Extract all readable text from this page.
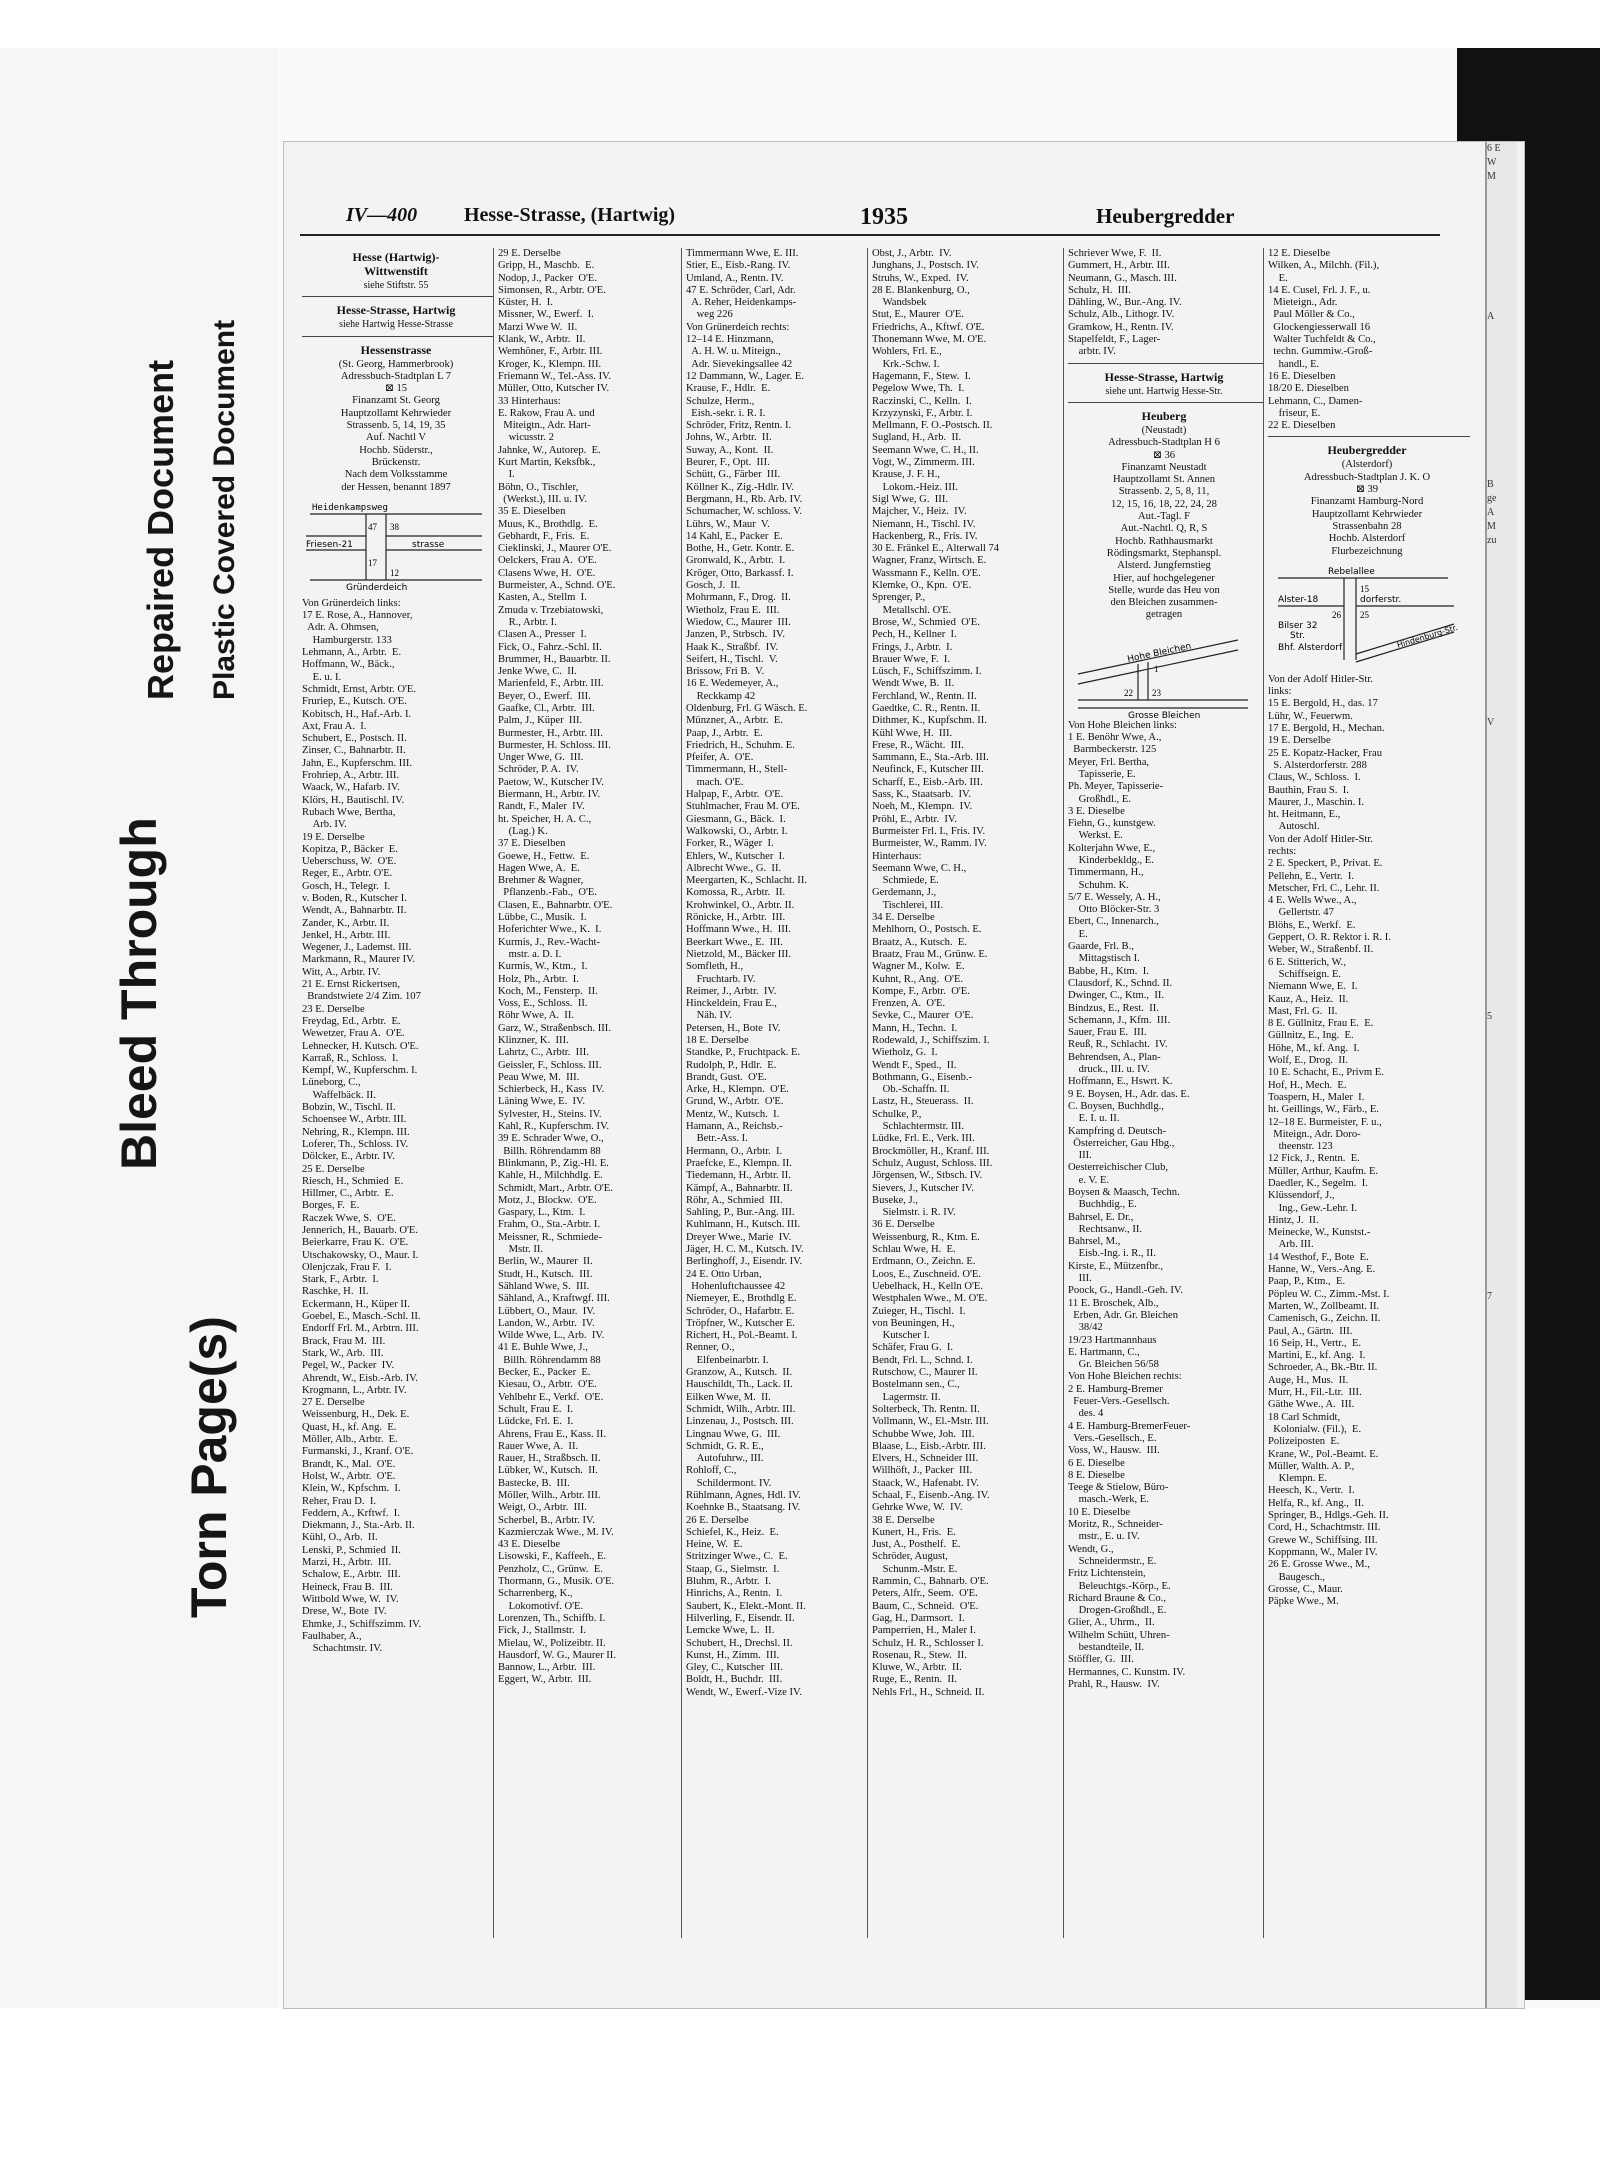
Bleed Through
Repaired Document
Torn Page(s)
Plastic Covered Document
6 E
W
M

A

B
ge
A
M
zu

V

5

7
IV—400 Hesse-Strasse, (Hartwig)	1935	Heubergredder

Hesse (Hartwig)-
Wittwenstift

siehe Stiftstr. 55

Hesse-Strasse, Hartwig

siehe Hartwig Hesse-Strasse

Hessenstrasse

(St. Georg, Hammerbrook)
Adressbuch-Stadtplan L 7
⊠ 15
Finanzamt St. Georg
Hauptzollamt Kehrwieder
Strassenb. 5, 14, 19, 35
Auf. Nachtl V
Hochb. Süderstr.,
Brückenstr.
Nach dem Volksstamme
der Hessen, benannt 1897

Heidenkampsweg
Friesen-21	strasse
Gründerdeich
47 38
17
12

Von Grünerdeich links:
17 E. Rose, A., Hannover,
Adr. A. Ohmsen,
Hamburgerstr. 133
Lehmann, A., Arbtr.  E.
Hoffmann, W., Bäck.,
E. u. I.
Schmidt, Ernst, Arbtr. O'E.
Fruriep, E., Kutsch. O'E.
Kobitsch, H., Haf.-Arb. I.
Axt, Frau A.  I.
Schubert, E., Postsch. II.
Zinser, C., Bahnarbtr. II.
Jahn, E., Kupferschm. III.
Frohriep, A., Arbtr. III.
Waack, W., Hafarb. IV.
Klörs, H., Bautischl. IV.
Rubach Wwe, Bertha,
Arb. IV.
19 E. Derselbe
Kopitza, P., Bäcker  E.
Ueberschuss, W.  O'E.
Reger, E., Arbtr. O'E.
Gosch, H., Telegr.  I.
v. Boden, R., Kutscher I.
Wendt, A., Bahnarbtr. II.
Zander, K., Arbtr. II.
Jenkel, H., Arbtr. III.
Wegener, J., Lademst. III.
Markmann, R., Maurer IV.
Witt, A., Arbtr. IV.
21 E. Ernst Rickertsen,
Brandstwiete 2/4 Zim. 107
23 E. Derselbe
Freydag, Ed., Arbtr.  E.
Wewetzer, Frau A.  O'E.
Lehnecker, H. Kutsch. O'E.
Karraß, R., Schloss.  I.
Kempf, W., Kupferschm. I.
Lüneborg, C.,
Waffelbäck. II.
Bobzin, W., Tischl. II.
Schoensee W., Arbtr. III.
Nehring, R., Klempn. III.
Loferer, Th., Schloss. IV.
Dölcker, E., Arbtr. IV.
25 E. Derselbe
Riesch, H., Schmied  E.
Hillmer, C., Arbtr.  E.
Borges, F.  E.
Raczek Wwe, S.  O'E.
Jennerich, H., Bauarb. O'E.
Beierkarre, Frau K.  O'E.
Utschakowsky, O., Maur. I.
Olenjczak, Frau F.  I.
Stark, F., Arbtr.  I.
Raschke, H.  II.
Eckermann, H., Küper II.
Goebel, E., Masch.-Schl. II.
Endorff Frl. M., Arbtrn. III.
Brack, Frau M.  III.
Stark, W., Arb.  III.
Pegel, W., Packer  IV.
Ahrendt, W., Eisb.-Arb. IV.
Krogmann, L., Arbtr. IV.
27 E. Derselbe
Weissenburg, H., Dek. E.
Quast, H., kf. Ang.  E.
Möller, Alb., Arbtr.  E.
Furmanski, J., Kranf. O'E.
Brandt, K., Mal.  O'E.
Holst, W., Arbtr.  O'E.
Klein, W., Kpfschm.  I.
Reher, Frau D.  I.
Feddern, A., Krftwf.  I.
Diekmann, J., Sta.-Arb. II.
Kühl, O., Arb.  II.
Lenski, P., Schmied  II.
Marzi, H., Arbtr.  III.
Schalow, E., Arbtr.  III.
Heineck, Frau B.  III.
Wittbold Wwe, W.  IV.
Drese, W., Bote  IV.
Ehmke, J., Schiffszimm. IV.
Faulhaber, A.,
Schachtmstr. IV.

29 E. Derselbe
Gripp, H., Maschb.  E.
Nodop, J., Packer  O'E.
Simonsen, R., Arbtr. O'E.
Küster, H.  I.
Missner, W., Ewerf.  I.
Marzi Wwe W.  II.
Klank, W., Arbtr.  II.
Wemhöner, F., Arbtr. III.
Kroger, K., Klempn. III.
Friemann W., Tel.-Ass. IV.
Müller, Otto, Kutscher IV.
33 Hinterhaus:
E. Rakow, Frau A. und
Miteigtn., Adr. Hart-
wicusstr. 2
Jahnke, W., Autorep.  E.
Kurt Martin, Keksfbk.,
I.
Böhn, O., Tischler,
(Werkst.), III. u. IV.
35 E. Dieselben
Muus, K., Brothdlg.  E.
Gebhardt, F., Fris.  E.
Cieklinski, J., Maurer O'E.
Oelckers, Frau A.  O'E.
Clasens Wwe, H.  O'E.
Burmeister, A., Schnd. O'E.
Kasten, A., Stellm  I.
Zmuda v. Trzebiatowski,
R., Arbtr. I.
Clasen A., Presser  I.
Fick, O., Fahrz.-Schl. II.
Brummer, H., Bauarbtr. II.
Jenke Wwe, C.  II.
Marienfeld, F., Arbtr. III.
Beyer, O., Ewerf.  III.
Gaafke, Cl., Arbtr.  III.
Palm, J., Küper  III.
Burmester, H., Arbtr. III.
Burmester, H. Schloss. III.
Unger Wwe, G.  III.
Schröder, P. A.  IV.
Paetow, W., Kutscher IV.
Biermann, H., Arbtr. IV.
Randt, F., Maler  IV.
ht. Speicher, H. A. C.,
(Lag.) K.
37 E. Dieselben
Goewe, H., Fettw.  E.
Hagen Wwe, A.  E.
Brehmer & Wagner,
Pflanzenb.-Fab.,  O'E.
Clasen, E., Bahnarbtr. O'E.
Lübbe, C., Musik.  I.
Hoferichter Wwe., K.  I.
Kurmis, J., Rev.-Wacht-
mstr. a. D. I.
Kurmis, W., Ktm.,  I.
Holz, Ph., Arbtr.  I.
Koch, M., Fensterp.  II.
Voss, E., Schloss.  II.
Röhr Wwe, A.  II.
Garz, W., Straßenbsch. III.
Klinzner, K.  III.
Lahrtz, C., Arbtr.  III.
Geissler, F., Schloss. III.
Peau Wwe, M.  III.
Schierbeck, H., Kass  IV.
Läning Wwe, E.  IV.
Sylvester, H., Steins. IV.
Kahl, R., Kupferschm. IV.
39 E. Schrader Wwe, O.,
Billh. Röhrendamm 88
Blinkmann, P., Zig.-Hl. E.
Kahle, H., Milchhdlg. E.
Schmidt, Mart., Arbtr. O'E.
Motz, J., Blockw.  O'E.
Gaspary, L., Ktm.  I.
Frahm, O., Sta.-Arbtr. I.
Meissner, R., Schmiede-
Mstr. II.
Berlin, W., Maurer  II.
Studt, H., Kutsch.  III.
Sähland Wwe, S.  III.
Sähland, A., Kraftwgf. III.
Lübbert, O., Maur.  IV.
Landon, W., Arbtr.  IV.
Wilde Wwe, L., Arb.  IV.
41 E. Buhle Wwe, J.,
Billh. Röhrendamm 88
Becker, E., Packer  E.
Kiesau, O., Arbtr.  O'E.
Vehlbehr E., Verkf.  O'E.
Schult, Frau E.  I.
Lüdcke, Frl. E.  I.
Ahrens, Frau E., Kass. II.
Rauer Wwe, A.  II.
Rauer, H., Straßbsch. II.
Lübker, W., Kutsch.  II.
Bastecke, B.  III.
Möller, Wilh., Arbtr. III.
Weigt, O., Arbtr.  III.
Scherbel, B., Arbtr. IV.
Kazmierczak Wwe., M. IV.
43 E. Dieselbe
Lisowski, F., Kaffeeh., E.
Penzholz, C., Grünw.  E.
Thormann, G., Musik. O'E.
Scharrenberg, K.,
Lokomotivf. O'E.
Lorenzen, Th., Schiffb. I.
Fick, J., Stallmstr.  I.
Mielau, W., Polizeibtr. II.
Hausdorf, W. G., Maurer II.
Bannow, L., Arbtr.  III.
Eggert, W., Arbtr.  III.

Timmermann Wwe, E. III.
Stier, E., Eisb.-Rang. IV.
Umland, A., Rentn. IV.
47 E. Schröder, Carl, Adr.
A. Reher, Heidenkamps-
weg 226
Von Grünerdeich rechts:
12–14 E. Hinzmann,
A. H. W. u. Miteign.,
Adr. Sievekingsallee 42
12 Dammann, W., Lager. E.
Krause, F., Hdlr.  E.
Schulze, Herm.,
Eish.-sekr. i. R. I.
Schröder, Fritz, Rentn. I.
Johns, W., Arbtr.  II.
Suway, A., Kont.  II.
Beurer, F., Opt.  III.
Schütt, G., Färber  III.
Köllner K., Zig.-Hdlr. IV.
Bergmann, H., Rb. Arb. IV.
Schumacher, W. schloss. V.
Lührs, W., Maur  V.
14 Kahl, E., Packer  E.
Bothe, H., Getr. Kontr. E.
Gronwald, K., Arbtr.  I.
Kröger, Otto, Barkassf. I.
Gosch, J.  II.
Mohrmann, F., Drog.  II.
Wietholz, Frau E.  III.
Wiedow, C., Maurer  III.
Janzen, P., Strbsch.  IV.
Haak K., Straßbf.  IV.
Seifert, H., Tischl.  V.
Brissow, Fri B.  V.
16 E. Wedemeyer, A.,
Reckkamp 42
Oldenburg, Frl. G Wäsch. E.
Münzner, A., Arbtr.  E.
Paap, J., Arbtr.  E.
Friedrich, H., Schuhm. E.
Pfeifer, A.  O'E.
Timmermann, H., Stell-
mach. O'E.
Halpap, F., Arbtr.  O'E.
Stuhlmacher, Frau M. O'E.
Giesmann, G., Bäck.  I.
Walkowski, O., Arbtr. I.
Forker, R., Wäger  I.
Ehlers, W., Kutscher  I.
Albrecht Wwe., G.  II.
Meergarten, K., Schlacht. II.
Komossa, R., Arbtr.  II.
Krohwinkel, O., Arbtr. II.
Rönicke, H., Arbtr.  III.
Hoffmann Wwe., H.  III.
Beerkart Wwe., E.  III.
Nietzold, M., Bäcker III.
Somfleth, H.,
Fruchtarb. IV.
Reimer, J., Arbtr.  IV.
Hinckeldein, Frau E.,
Näh. IV.
Petersen, H., Bote  IV.
18 E. Derselbe
Standke, P., Fruchtpack. E.
Rudolph, P., Hdlr.  E.
Brandt, Gust.  O'E.
Arke, H., Klempn.  O'E.
Grund, W., Arbtr.  O'E.
Mentz, W., Kutsch.  I.
Hamann, A., Reichsb.-
Betr.-Ass. I.
Hermann, O., Arbtr.  I.
Praefcke, E., Klempn. II.
Tiedemann, H., Arbtr. II.
Kämpf, A., Bahnarbtr. II.
Röhr, A., Schmied  III.
Sahling, P., Bur.-Ang. III.
Kuhlmann, H., Kutsch. III.
Dreyer Wwe., Marie  IV.
Jäger, H. C. M., Kutsch. IV.
Berlinghoff, J., Eisendr. IV.
24 E. Otto Urban,
Hohenluftchaussee 42
Niemeyer, E., Brothdlg E.
Schröder, O., Hafarbtr. E.
Tröpfner, W., Kutscher E.
Richert, H., Pol.-Beamt. I.
Renner, O.,
Elfenbeinarbtr. I.
Granzow, A., Kutsch.  II.
Hauschildt, Th., Lack. II.
Eilken Wwe, M.  II.
Schmidt, Wilh., Arbtr. III.
Linzenau, J., Postsch. III.
Lingnau Wwe, G.  III.
Schmidt, G. R. E.,
Autofuhrw., III.
Rohloff, C.,
Schildermont. IV.
Rühlmann, Agnes, Hdl. IV.
Koehnke B., Staatsang. IV.
26 E. Derselbe
Schiefel, K., Heiz.  E.
Heine, W.  E.
Stritzinger Wwe., C.  E.
Staap, G., Sielmstr.  I.
Bluhm, R., Arbtr.  I.
Hinrichs, A., Rentn.  I.
Saubert, K., Elekt.-Mont. II.
Hilverling, F., Eisendr. II.
Lemcke Wwe, L.  II.
Schubert, H., Drechsl. II.
Kunst, H., Zimm.  III.
Gley, C., Kutscher  III.
Boldt, H., Buchdr.  III.
Wendt, W., Ewerf.-Vize IV.

Obst, J., Arbtr.  IV.
Junghans, J., Postsch. IV.
Struhs, W., Exped.  IV.
28 E. Blankenburg, O.,
Wandsbek
Stut, E., Maurer  O'E.
Friedrichs, A., Kftwf. O'E.
Thonemann Wwe, M. O'E.
Wohlers, Frl. E.,
Krk.-Schw. I.
Hagemann, F., Stew.  I.
Pegelow Wwe, Th.  I.
Raczinski, C., Kelln.  I.
Krzyzynski, F., Arbtr. I.
Mellmann, F. O.-Postsch. II.
Sugland, H., Arb.  II.
Seemann Wwe, C. H., II.
Vogt, W., Zimmerm. III.
Krause, J. F. H.,
Lokom.-Heiz. III.
Sigl Wwe, G.  III.
Majcher, V., Heiz.  IV.
Niemann, H., Tischl. IV.
Hackenberg, R., Fris. IV.
30 E. Fränkel E., Alterwall 74
Wagner, Franz, Wirtsch. E.
Wassmann F., Kelln. O'E.
Klemke, O., Kpn.  O'E.
Sprenger, P.,
Metallschl. O'E.
Brose, W., Schmied  O'E.
Pech, H., Kellner  I.
Frings, J., Arbtr.  I.
Brauer Wwe, F.  I.
Lüsch, F., Schiffszimm. I.
Wendt Wwe, B.  II.
Ferchland, W., Rentn. II.
Gaedtke, C. R., Rentn. II.
Dithmer, K., Kupfschm. II.
Kühl Wwe, H.  III.
Frese, R., Wächt.  III.
Sammann, E., Sta.-Arb. III.
Neufinck, F., Kutscher III.
Scharff, E., Eisb.-Arb. III.
Sass, K., Staatsarb.  IV.
Noeh, M., Klempn.  IV.
Pröhl, E., Arbtr.  IV.
Burmeister Frl. I., Fris. IV.
Burmeister, W., Ramm. IV.
Hinterhaus:
Seemann Wwe, C. H.,
Schmiede, E.
Gerdemann, J.,
Tischlerei, III.
34 E. Derselbe
Mehlhorn, O., Postsch. E.
Braatz, A., Kutsch.  E.
Braatz, Frau M., Grünw. E.
Wagner M., Kolw.  E.
Kuhnt, R., Ang.  O'E.
Kompe, F., Arbtr.  O'E.
Frenzen, A.  O'E.
Sevke, C., Maurer  O'E.
Mann, H., Techn.  I.
Rodewald, J., Schiffszim. I.
Wietholz, G.  I.
Wendt F., Sped.,  II.
Bothmann, G., Eisenb.-
Ob.-Schaffn. II.
Lastz, H., Steuerass.  II.
Schulke, P.,
Schlachtermstr. III.
Lüdke, Frl. E., Verk. III.
Brockmöller, H., Kranf. III.
Schulz, August, Schloss. III.
Jörgensen, W., Stbsch. IV.
Sievers, J., Kutscher IV.
Buseke, J.,
Sielmstr. i. R. IV.
36 E. Derselbe
Weissenburg, R., Ktm. E.
Schlau Wwe, H.  E.
Erdmann, O., Zeichn. E.
Loos, E., Zuschneid. O'E.
Uebelhack, H., Kelln O'E.
Westphalen Wwe., M. O'E.
Zuieger, H., Tischl.  I.
von Beuningen, H.,
Kutscher I.
Schäfer, Frau G.  I.
Bendt, Frl. L., Schnd. I.
Rutschow, C., Maurer II.
Bostelmann sen., C.,
Lagermstr. II.
Solterbeck, Th. Rentn. II.
Vollmann, W., El.-Mstr. III.
Schubbe Wwe, Joh.  III.
Blaase, L., Eisb.-Arbtr. III.
Elvers, H., Schneider III.
Willhöft, J., Packer  III.
Staack, W., Hafenabt. IV.
Schaal, F., Eisenb.-Ang. IV.
Gehrke Wwe, W.  IV.
38 E. Derselbe
Kunert, H., Fris.  E.
Just, A., Posthelf.  E.
Schröder, August,
Schunm.-Mstr. E.
Rammin, C., Bahnarb. O'E.
Peters, Alfr., Seem.  O'E.
Baum, C., Schneid.  O'E.
Gag, H., Darmsort.  I.
Pamperrien, H., Maler I.
Schulz, H. R., Schlosser I.
Rosenau, R., Stew.  II.
Kluwe, W., Arbtr.  II.
Ruge, E., Rentn.  II.
Nehls Frl., H., Schneid. II.

Schriever Wwe, F.  II.
Gummert, H., Arbtr. III.
Neumann, G., Masch. III.
Schulz, H.  III.
Dähling, W., Bur.-Ang. IV.
Schulz, Alb., Lithogr. IV.
Gramkow, H., Rentn. IV.
Stapelfeldt, F., Lager-
arbtr. IV.

Hesse-Strasse, Hartwig

siehe unt. Hartwig Hesse-Str.

Heuberg

(Neustadt)
Adressbuch-Stadtplan H 6
⊠ 36
Finanzamt Neustadt
Hauptzollamt St. Annen
Strassenb. 2, 5, 8, 11,
12, 15, 16, 18, 22, 24, 28
Aut.-Tagl. F
Aut.-Nachtl. Q, R, S
Hochb. Rathhausmarkt
Rödingsmarkt, Stephanspl.
Alsterd. Jungfernstieg
Hier, auf hochgelegener
Stelle, wurde das Heu von
den Bleichen zusammen-
getragen

Hohe Bleichen
Grosse Bleichen
1
22 23

Von Hohe Bleichen links:
1 E. Benöhr Wwe, A.,
Barmbeckerstr. 125
Meyer, Frl. Bertha,
Tapisserie, E.
Ph. Meyer, Tapisserie-
Großhdl., E.
3 E. Dieselbe
Fiehn, G., kunstgew.
Werkst. E.
Kolterjahn Wwe, E.,
Kinderbekldg., E.
Timmermann, H.,
Schuhm. K.
5/7 E. Wessely, A. H.,
Otto Blöcker-Str. 3
Ebert, C., Innenarch.,
E.
Gaarde, Frl. B.,
Mittagstisch I.
Babbe, H., Ktm.  I.
Clausdorf, K., Schnd. II.
Dwinger, C., Ktm.,  II.
Bindzus, E., Rest.  II.
Schemann, J., Kfm.  III.
Sauer, Frau E.  III.
Reuß, R., Schlacht.  IV.
Behrendsen, A., Plan-
druck., III. u. IV.
Hoffmann, E., Hswrt. K.
9 E. Boysen, H., Adr. das. E.
C. Boysen, Buchhdlg.,
E. I. u. II.
Kampfring d. Deutsch-
Österreicher, Gau Hbg.,
III.
Oesterreichischer Club,
e. V. E.
Boysen & Maasch, Techn.
Buchhdig., E.
Bahrsel, E. Dr.,
Rechtsanw., II.
Bahrsel, M.,
Eisb.-Ing. i. R., II.
Kirste, E., Mützenfbr.,
III.
Poock, G., Handl.-Geh. IV.
11 E. Broschek, Alb.,
Erben, Adr. Gr. Bleichen
38/42
19/23 Hartmannhaus
E. Hartmann, C.,
Gr. Bleichen 56/58
Von Hohe Bleichen rechts:
2 E. Hamburg-Bremer
Feuer-Vers.-Gesellsch.
des. 4
4 E. Hamburg-BremerFeuer-
Vers.-Gesellsch., E.
Voss, W., Hausw.  III.
6 E. Dieselbe
8 E. Dieselbe
Teege & Stielow, Büro-
masch.-Werk, E.
10 E. Dieselbe
Moritz, R., Schneider-
mstr., E. u. IV.
Wendt, G.,
Schneidermstr., E.
Fritz Lichtenstein,
Beleuchtgs.-Körp., E.
Richard Braune & Co.,
Drogen-Großhdl., E.
Glier, A., Uhrm.,  II.
Wilhelm Schütt, Uhren-
bestandteile, II.
Stöffler, G.  III.
Hermannes, C. Kunstm. IV.
Prahl, R., Hausw.  IV.

12 E. Dieselbe
Wilken, A., Milchh. (Fil.),
E.
14 E. Cusel, Frl. J. F., u.
Mieteign., Adr.
Paul Möller & Co.,
Glockengiesserwall 16
Walter Tuchfeldt & Co.,
techn. Gummiw.-Groß-
handl., E.
16 E. Dieselben
18/20 E. Dieselben
Lehmann, C., Damen-
friseur, E.
22 E. Dieselben

Heubergredder

(Alsterdorf)
Adressbuch-Stadtplan J. K. O
⊠ 39
Finanzamt Hamburg-Nord
Hauptzollamt Kehrwieder
Strassenbahn 28
Hochb. Alsterdorf
Flurbezeichnung

Rebelallee
Alster-18	dorferstr.
Bilser 32
Str.
Bhf. Alsterdorf	Hindenburg-Str.
15
26 25

Von der Adolf Hitler-Str.
links:
15 E. Bergold, H., das. 17
Lühr, W., Feuerwm.
17 E. Bergold, H., Mechan.
19 E. Derselbe
25 E. Kopatz-Hacker, Frau
S. Alsterdorferstr. 288
Claus, W., Schloss.  I.
Bauthin, Frau S.  I.
Maurer, J., Maschin. I.
ht. Heitmann, E.,
Autoschl.
Von der Adolf Hitler-Str.
rechts:
2 E. Speckert, P., Privat. E.
Pellehn, E., Vertr.  I.
Metscher, Frl. C., Lehr. II.
4 E. Wells Wwe., A.,
Gellertstr. 47
Blöhs, E., Werkf.  E.
Geppert, O. R. Rektor i. R. I.
Weber, W., Straßenbf. II.
6 E. Stitterich, W.,
Schiffseign. E.
Niemann Wwe, E.  I.
Kauz, A., Heiz.  II.
Mast, Frl. G.  II.
8 E. Güllnitz, Frau E.  E.
Güllnitz, E., Ing.  E.
Höhe, M., kf. Ang.  I.
Wolf, E., Drog.  II.
10 E. Schacht, E., Privm E.
Hof, H., Mech.  E.
Toaspern, H., Maler  I.
ht. Geillings, W., Färb., E.
12–18 E. Burmeister, F. u.,
Miteign., Adr. Doro-
theenstr. 123
12 Fick, J., Rentn.  E.
Müller, Arthur, Kaufm. E.
Daedler, K., Segelm.  I.
Klüssendorf, J.,
Ing., Gew.-Lehr. I.
Hintz, J.  II.
Meinecke, W., Kunstst.-
Arb. III.
14 Westhof, F., Bote  E.
Hanne, W., Vers.-Ang. E.
Paap, P., Ktm.,  E.
Pöpleu W. C., Zimm.-Mst. I.
Marten, W., Zollbeamt. II.
Camenisch, G., Zeichn. II.
Paul, A., Gärtn.  III.
16 Seip, H., Vertr.,  E.
Martini, E., kf. Ang.  I.
Schroeder, A., Bk.-Btr. II.
Auge, H., Mus.  II.
Murr, H., Fil.-Ltr.  III.
Gäthe Wwe., A.  III.
18 Carl Schmidt,
Kolonialw. (Fil.),  E.
Polizeiposten  E.
Krane, W., Pol.-Beamt. E.
Müller, Walth. A. P.,
Klempn. E.
Heesch, K., Vertr.  I.
Helfa, R., kf. Ang.,  II.
Springer, B., Hdlgs.-Geh. II.
Cord, H., Schachtmstr. III.
Grewe W., Schiffsing. III.
Koppmann, W., Maler IV.
26 E. Grosse Wwe., M.,
Baugesch.,
Grosse, C., Maur.
Päpke Wwe., M.
